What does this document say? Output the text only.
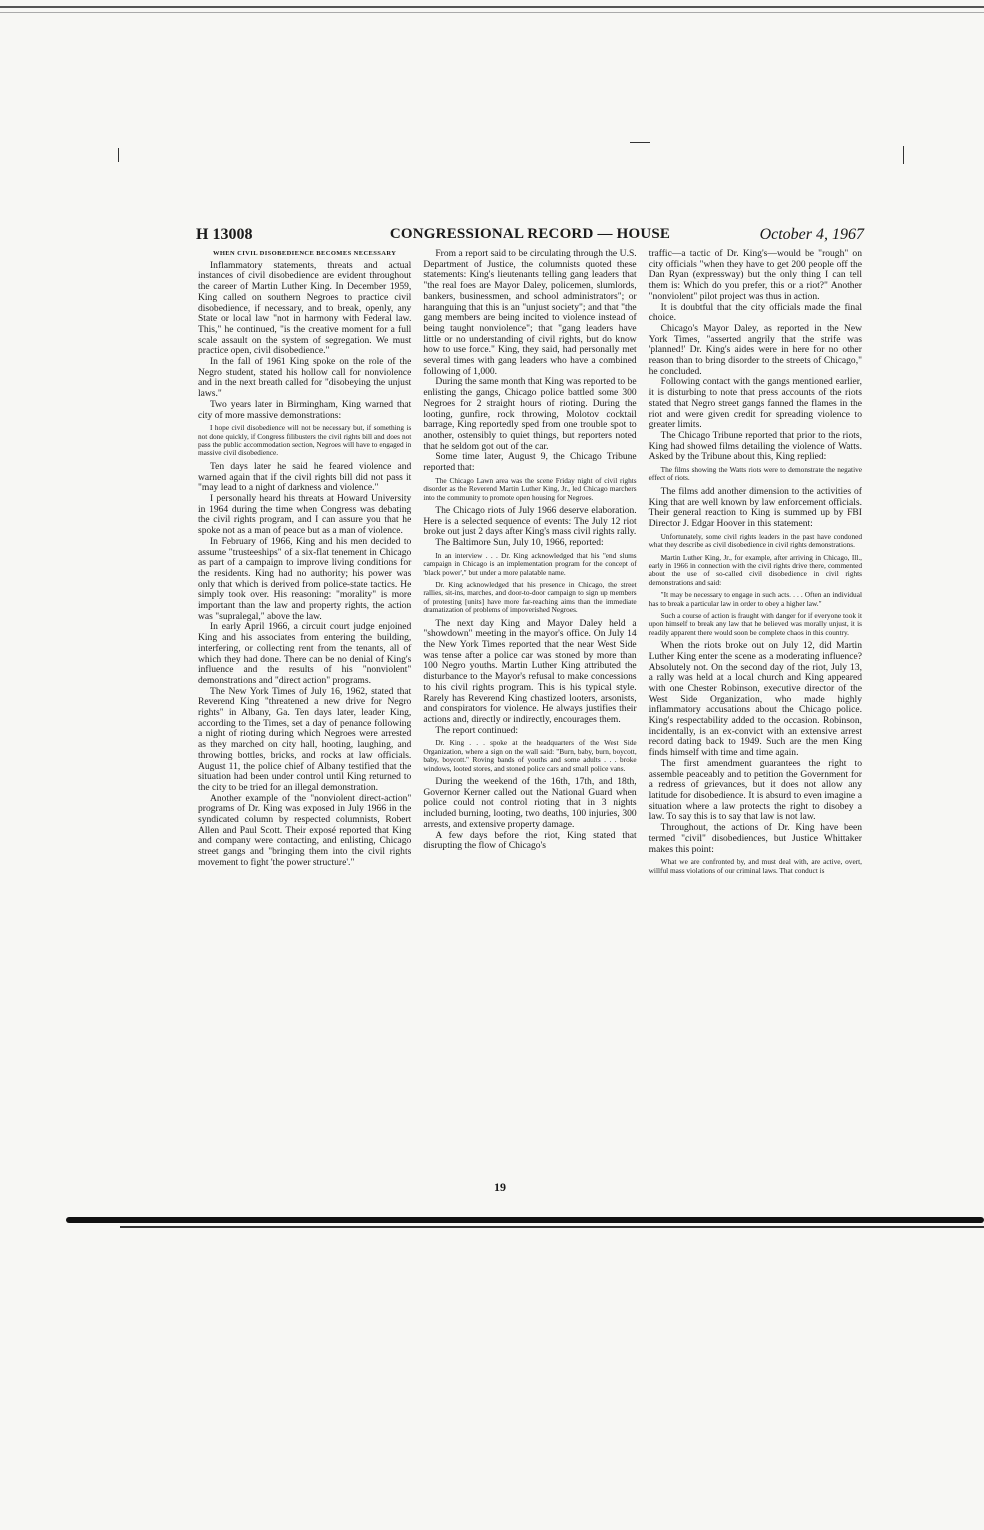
CONGRESSIONAL RECORD — HOUSE
H 13008	October 4, 1967
WHEN CIVIL DISOBEDIENCE BECOMES NECESSARY

Inflammatory statements, threats and actual instances of civil disobedience are evident throughout the career of Martin Luther King. In December 1959, King called on southern Negroes to practice civil disobedience, if necessary, and to break, openly, any State or local law "not in harmony with Federal law. This," he continued, "is the creative moment for a full scale assault on the system of segregation. We must practice open, civil disobedience."

In the fall of 1961 King spoke on the role of the Negro student, stated his hollow call for nonviolence and in the next breath called for "disobeying the unjust laws."

Two years later in Birmingham, King warned that city of more massive demonstrations:

I hope civil disobedience will not be necessary but, if something is not done quickly, if Congress filibusters the civil rights bill and does not pass the public accommodation section, Negroes will have to engaged in massive civil disobedience.

Ten days later he said he feared violence and warned again that if the civil rights bill did not pass it "may lead to a night of darkness and violence."

I personally heard his threats at Howard University in 1964 during the time when Congress was debating the civil rights program, and I can assure you that he spoke not as a man of peace but as a man of violence.

In February of 1966, King and his men decided to assume "trusteeships" of a six-flat tenement in Chicago as part of a campaign to improve living conditions for the residents. King had no authority; his power was only that which is derived from police-state tactics. He simply took over. His reasoning: "morality" is more important than the law and property rights, the action was "supralegal," above the law.

In early April 1966, a circuit court judge enjoined King and his associates from entering the building, interfering, or collecting rent from the tenants, all of which they had done. There can be no denial of King's influence and the results of his "nonviolent" demonstrations and "direct action" programs.

The New York Times of July 16, 1962, stated that Reverend King "threatened a new drive for Negro rights" in Albany, Ga. Ten days later, leader King, according to the Times, set a day of penance following a night of rioting during which Negroes were arrested as they marched on city hall, hooting, laughing, and throwing bottles, bricks, and rocks at law officials. August 11, the police chief of Albany testified that the situation had been under control until King returned to the city to be tried for an illegal demonstration.

Another example of the "nonviolent direct-action" programs of Dr. King was exposed in July 1966 in the syndicated column by respected columnists, Robert Allen and Paul Scott. Their exposé reported that King and company were contacting, and enlisting, Chicago street gangs and "bringing them into the civil rights movement to fight 'the power structure'."

From a report said to be circulating through the U.S. Department of Justice, the columnists quoted these statements: King's lieutenants telling gang leaders that "the real foes are Mayor Daley, policemen, slumlords, bankers, businessmen, and school administrators"; or haranguing that this is an "unjust society"; and that "the gang members are being incited to violence instead of being taught nonviolence"; that "gang leaders have little or no understanding of civil rights, but do know how to use force." King, they said, had personally met several times with gang leaders who have a combined following of 1,000.

During the same month that King was reported to be enlisting the gangs, Chicago police battled some 300 Negroes for 2 straight hours of rioting. During the looting, gunfire, rock throwing, Molotov cocktail barrage, King reportedly sped from one trouble spot to another, ostensibly to quiet things, but reporters noted that he seldom got out of the car.

Some time later, August 9, the Chicago Tribune reported that:

The Chicago Lawn area was the scene Friday night of civil rights disorder as the Reverend Martin Luther King, Jr., led Chicago marchers into the community to promote open housing for Negroes.

The Chicago riots of July 1966 deserve elaboration. Here is a selected sequence of events: The July 12 riot broke out just 2 days after King's mass civil rights rally.

The Baltimore Sun, July 10, 1966, reported:

In an interview . . . Dr. King acknowledged that his "end slums campaign in Chicago is an implementation program for the concept of 'black power'," but under a more palatable name.

Dr. King acknowledged that his presence in Chicago, the street rallies, sit-ins, marches, and door-to-door campaign to sign up members of protesting [units] have more far-reaching aims than the immediate dramatization of problems of impoverished Negroes.

The next day King and Mayor Daley held a "showdown" meeting in the mayor's office. On July 14 the New York Times reported that the near West Side was tense after a police car was stoned by more than 100 Negro youths. Martin Luther King attributed the disturbance to the Mayor's refusal to make concessions to his civil rights program. This is his typical style. Rarely has Reverend King chastized looters, arsonists, and conspirators for violence. He always justifies their actions and, directly or indirectly, encourages them.

The report continued:

Dr. King . . . spoke at the headquarters of the West Side Organization, where a sign on the wall said: "Burn, baby, burn, boycott, baby, boycott." Roving bands of youths and some adults . . . broke windows, looted stores, and stoned police cars and small police vans.

During the weekend of the 16th, 17th, and 18th, Governor Kerner called out the National Guard when police could not control rioting that in 3 nights included burning, looting, two deaths, 100 injuries, 300 arrests, and extensive property damage.

A few days before the riot, King stated that disrupting the flow of Chicago's

traffic—a tactic of Dr. King's—would be "rough" on city officials "when they have to get 200 people off the Dan Ryan (expressway) but the only thing I can tell them is: Which do you prefer, this or a riot?" Another "nonviolent" pilot project was thus in action.

It is doubtful that the city officials made the final choice.

Chicago's Mayor Daley, as reported in the New York Times, "asserted angrily that the strife was 'planned!' Dr. King's aides were in here for no other reason than to bring disorder to the streets of Chicago," he concluded.

Following contact with the gangs mentioned earlier, it is disturbing to note that press accounts of the riots stated that Negro street gangs fanned the flames in the riot and were given credit for spreading violence to greater limits.

The Chicago Tribune reported that prior to the riots, King had showed films detailing the violence of Watts. Asked by the Tribune about this, King replied:

The films showing the Watts riots were to demonstrate the negative effect of riots.

The films add another dimension to the activities of King that are well known by law enforcement officials. Their general reaction to King is summed up by FBI Director J. Edgar Hoover in this statement:

Unfortunately, some civil rights leaders in the past have condoned what they describe as civil disobedience in civil rights demonstrations.

Martin Luther King, Jr., for example, after arriving in Chicago, Ill., early in 1966 in connection with the civil rights drive there, commented about the use of so-called civil disobedience in civil rights demonstrations and said:

"It may be necessary to engage in such acts. . . . Often an individual has to break a particular law in order to obey a higher law."

Such a course of action is fraught with danger for if everyone took it upon himself to break any law that he believed was morally unjust, it is readily apparent there would soon be complete chaos in this country.

When the riots broke out on July 12, did Martin Luther King enter the scene as a moderating influence? Absolutely not. On the second day of the riot, July 13, a rally was held at a local church and King appeared with one Chester Robinson, executive director of the West Side Organization, who made highly inflammatory accusations about the Chicago police. King's respectability added to the occasion. Robinson, incidentally, is an ex-convict with an extensive arrest record dating back to 1949. Such are the men King finds himself with time and time again.

The first amendment guarantees the right to assemble peaceably and to petition the Government for a redress of grievances, but it does not allow any latitude for disobedience. It is absurd to even imagine a situation where a law protects the right to disobey a law. To say this is to say that law is not law.

Throughout, the actions of Dr. King have been termed "civil" disobediences, but Justice Whittaker makes this point:

What we are confronted by, and must deal with, are active, overt, willful mass violations of our criminal laws. That conduct is

19
